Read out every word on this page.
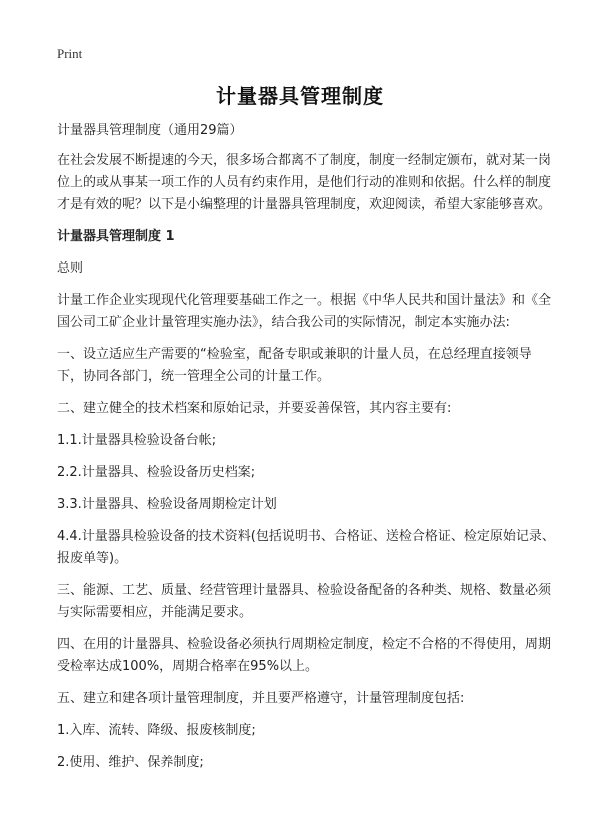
Print
计量器具管理制度

计量器具管理制度（通用29篇）

在社会发展不断提速的今天，很多场合都离不了制度，制度一经制定颁布，就对某一岗位上的或从事某一项工作的人员有约束作用，是他们行动的准则和依据。什么样的制度才是有效的呢？以下是小编整理的计量器具管理制度，欢迎阅读，希望大家能够喜欢。

计量器具管理制度 1

总则

计量工作企业实现现代化管理要基础工作之一。根据《中华人民共和国计量法》和《全国公司工矿企业计量管理实施办法》，结合我公司的实际情况，制定本实施办法:

一、设立适应生产需要的“检验室，配备专职或兼职的计量人员，在总经理直接领导下，协同各部门，统一管理全公司的计量工作。

二、建立健全的技术档案和原始记录，并要妥善保管，其内容主要有:

1.1.计量器具检验设备台帐;

2.2.计量器具、检验设备历史档案;

3.3.计量器具、检验设备周期检定计划

4.4.计量器具检验设备的技术资料(包括说明书、合格证、送检合格证、检定原始记录、报废单等)。

三、能源、工艺、质量、经营管理计量器具、检验设备配备的各种类、规格、数量必须与实际需要相应，并能满足要求。

四、在用的计量器具、检验设备必须执行周期检定制度，检定不合格的不得使用，周期受检率达成100%，周期合格率在95%以上。

五、建立和建各项计量管理制度，并且要严格遵守，计量管理制度包括:

1.入库、流转、降级、报废核制度;

2.使用、维护、保养制度;
